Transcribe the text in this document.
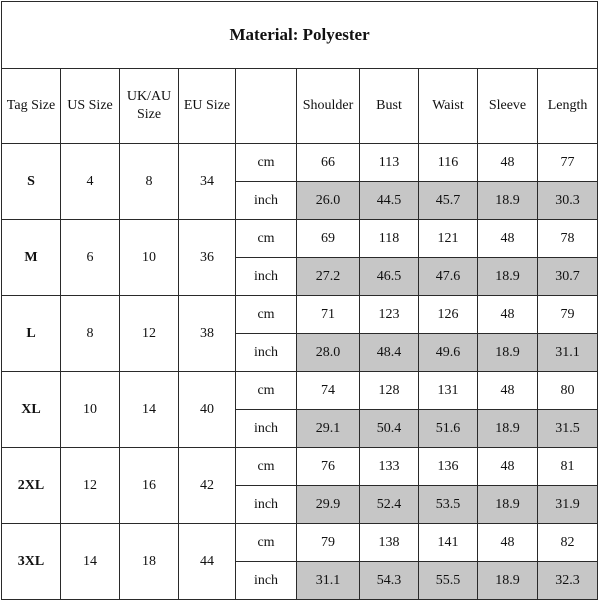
Material: Polyester									
Tag Size	US Size	UK/AU Size	EU Size		Shoulder	Bust	Waist	Sleeve	Length
S	4	8	34	cm	66	113	116	48	77
				inch	26.0	44.5	45.7	18.9	30.3
M	6	10	36	cm	69	118	121	48	78
				inch	27.2	46.5	47.6	18.9	30.7
L	8	12	38	cm	71	123	126	48	79
				inch	28.0	48.4	49.6	18.9	31.1
XL	10	14	40	cm	74	128	131	48	80
				inch	29.1	50.4	51.6	18.9	31.5
2XL	12	16	42	cm	76	133	136	48	81
				inch	29.9	52.4	53.5	18.9	31.9
3XL	14	18	44	cm	79	138	141	48	82
				inch	31.1	54.3	55.5	18.9	32.3
